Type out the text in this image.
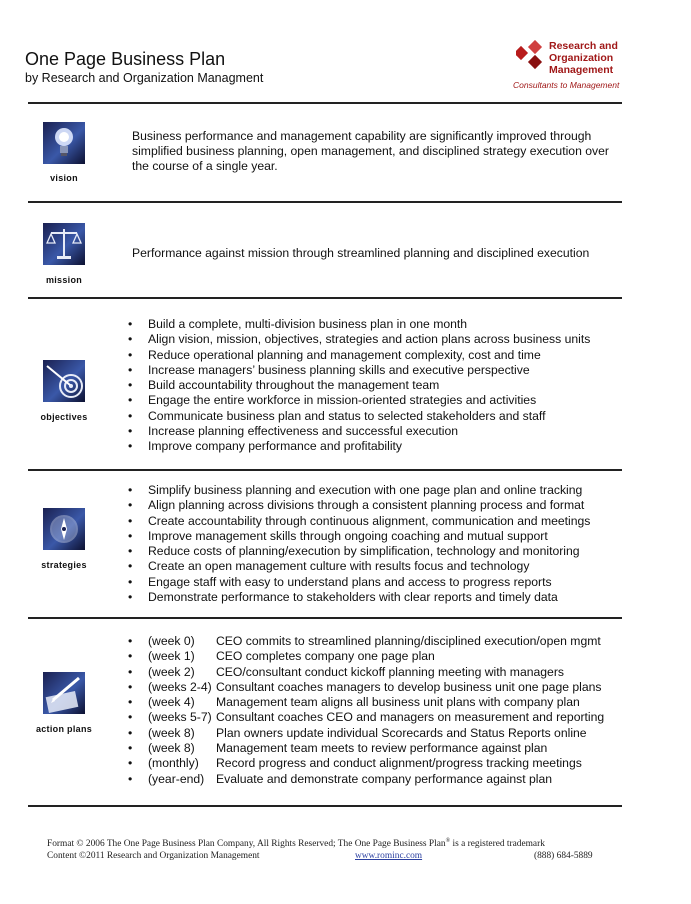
One Page Business Plan
by Research and Organization Managment
Research and
Organization
Management
Consultants to Management
vision
Business performance and management capability are significantly improved through simplified business planning, open management, and disciplined strategy execution over the course of a single year.
mission
Performance against mission through streamlined planning and disciplined execution
objectives
• Build a complete, multi-division business plan in one month
• Align vision, mission, objectives, strategies and action plans across business units
• Reduce operational planning and management complexity, cost and time
• Increase managers’ business planning skills and executive perspective
• Build accountability throughout the management team
• Engage the entire workforce in mission-oriented strategies and activities
• Communicate business plan and status to selected stakeholders and staff
• Increase planning effectiveness and successful execution
• Improve company performance and profitability
strategies
• Simplify business planning and execution with one page plan and online tracking
• Align planning across divisions through a consistent planning process and format
• Create accountability through continuous alignment, communication and meetings
• Improve management skills through ongoing coaching and mutual support
• Reduce costs of planning/execution by simplification, technology and monitoring
• Create an open management culture with results focus and technology
• Engage staff with easy to understand plans and access to progress reports
• Demonstrate performance to stakeholders with clear reports and timely data
action plans
• (week 0) CEO commits to streamlined planning/disciplined execution/open mgmt
• (week 1) CEO completes company one page plan
• (week 2) CEO/consultant conduct kickoff planning meeting with managers
• (weeks 2-4) Consultant coaches managers to develop business unit one page plans
• (week 4) Management team aligns all business unit plans with company plan
• (weeks 5-7) Consultant coaches CEO and managers on measurement and reporting
• (week 8) Plan owners update individual Scorecards and Status Reports online
• (week 8) Management team meets to review performance against plan
• (monthly) Record progress and conduct alignment/progress tracking meetings
• (year-end) Evaluate and demonstrate company performance against plan
Format © 2006 The One Page Business Plan Company, All Rights Reserved; The One Page Business Plan® is a registered trademark
Content ©2011 Research and Organization Management	www.rominc.com	(888) 684-5889
